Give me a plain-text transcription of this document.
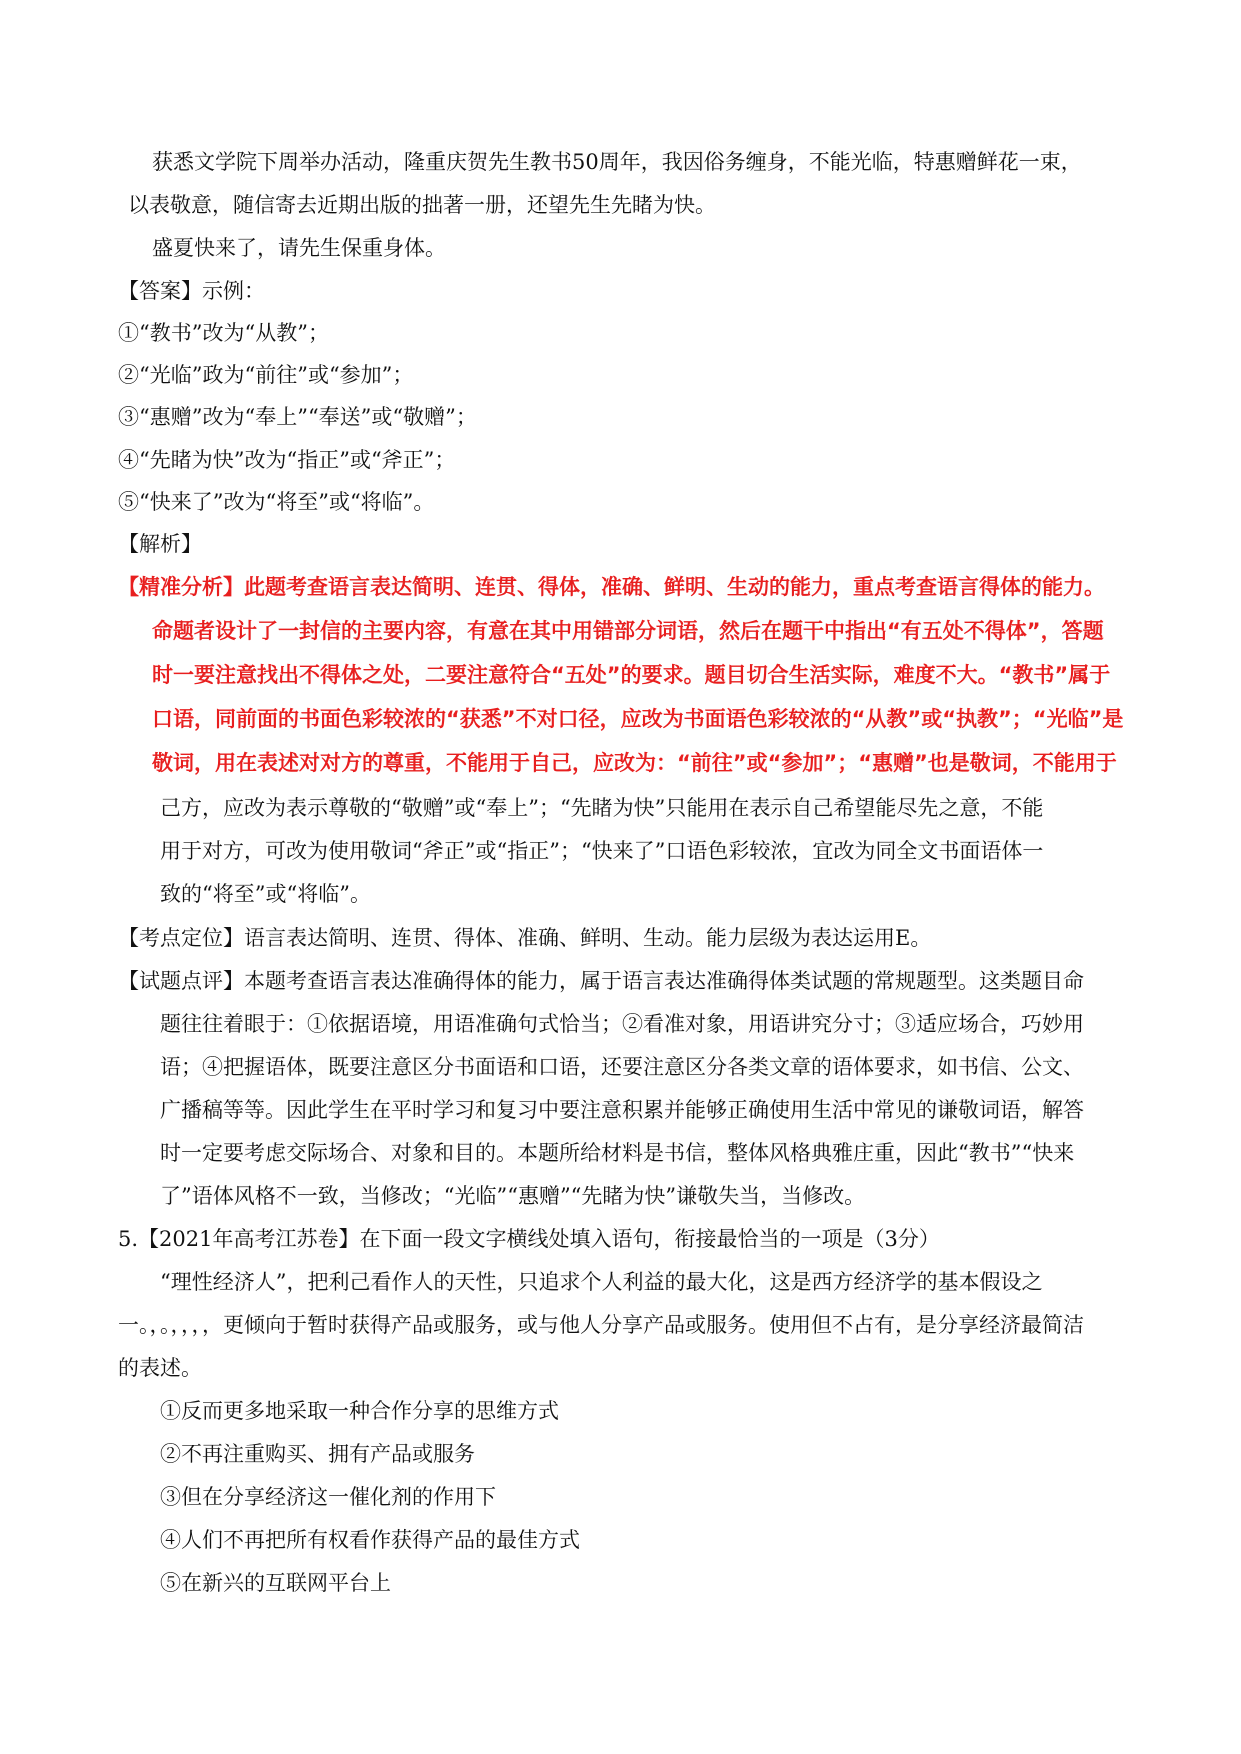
获悉文学院下周举办活动，隆重庆贺先生教书50周年，我因俗务缠身，不能光临，特惠赠鲜花一束，
以表敬意，随信寄去近期出版的拙著一册，还望先生先睹为快。
盛夏快来了，请先生保重身体。
【答案】示例：
①“教书”改为“从教”；
②“光临”政为“前往”或“参加”；
③“惠赠”改为“奉上”“奉送”或“敬赠”；
④“先睹为快”改为“指正”或“斧正”；
⑤“快来了”改为“将至”或“将临”。
【解析】
【精准分析】此题考查语言表达简明、连贯、得体，准确、鲜明、生动的能力，重点考查语言得体的能力。
命题者设计了一封信的主要内容，有意在其中用错部分词语，然后在题干中指出“有五处不得体”，答题
时一要注意找出不得体之处，二要注意符合“五处”的要求。题目切合生活实际，难度不大。“教书”属于
口语，同前面的书面色彩较浓的“获悉”不对口径，应改为书面语色彩较浓的“从教”或“执教”；“光临”是
敬词，用在表述对对方的尊重，不能用于自己，应改为：“前往”或“参加”；“惠赠”也是敬词，不能用于
己方，应改为表示尊敬的“敬赠”或“奉上”；“先睹为快”只能用在表示自己希望能尽先之意，不能
用于对方，可改为使用敬词“斧正”或“指正”；“快来了”口语色彩较浓，宜改为同全文书面语体一
致的“将至”或“将临”。
【考点定位】语言表达简明、连贯、得体、准确、鲜明、生动。能力层级为表达运用E。
【试题点评】本题考查语言表达准确得体的能力，属于语言表达准确得体类试题的常规题型。这类题目命
题往往着眼于：①依据语境，用语准确句式恰当；②看准对象，用语讲究分寸；③适应场合，巧妙用
语；④把握语体，既要注意区分书面语和口语，还要注意区分各类文章的语体要求，如书信、公文、
广播稿等等。因此学生在平时学习和复习中要注意积累并能够正确使用生活中常见的谦敬词语，解答
时一定要考虑交际场合、对象和目的。本题所给材料是书信，整体风格典雅庄重，因此“教书”“快来
了”语体风格不一致，当修改；“光临”“惠赠”“先睹为快”谦敬失当，当修改。
5.【2021年高考江苏卷】在下面一段文字横线处填入语句，衔接最恰当的一项是（3分）
“理性经济人”，把利己看作人的天性，只追求个人利益的最大化，这是西方经济学的基本假设之
一。，。，，，，更倾向于暂时获得产品或服务，或与他人分享产品或服务。使用但不占有，是分享经济最简洁
的表述。
①反而更多地采取一种合作分享的思维方式
②不再注重购买、拥有产品或服务
③但在分享经济这一催化剂的作用下
④人们不再把所有权看作获得产品的最佳方式
⑤在新兴的互联网平台上
